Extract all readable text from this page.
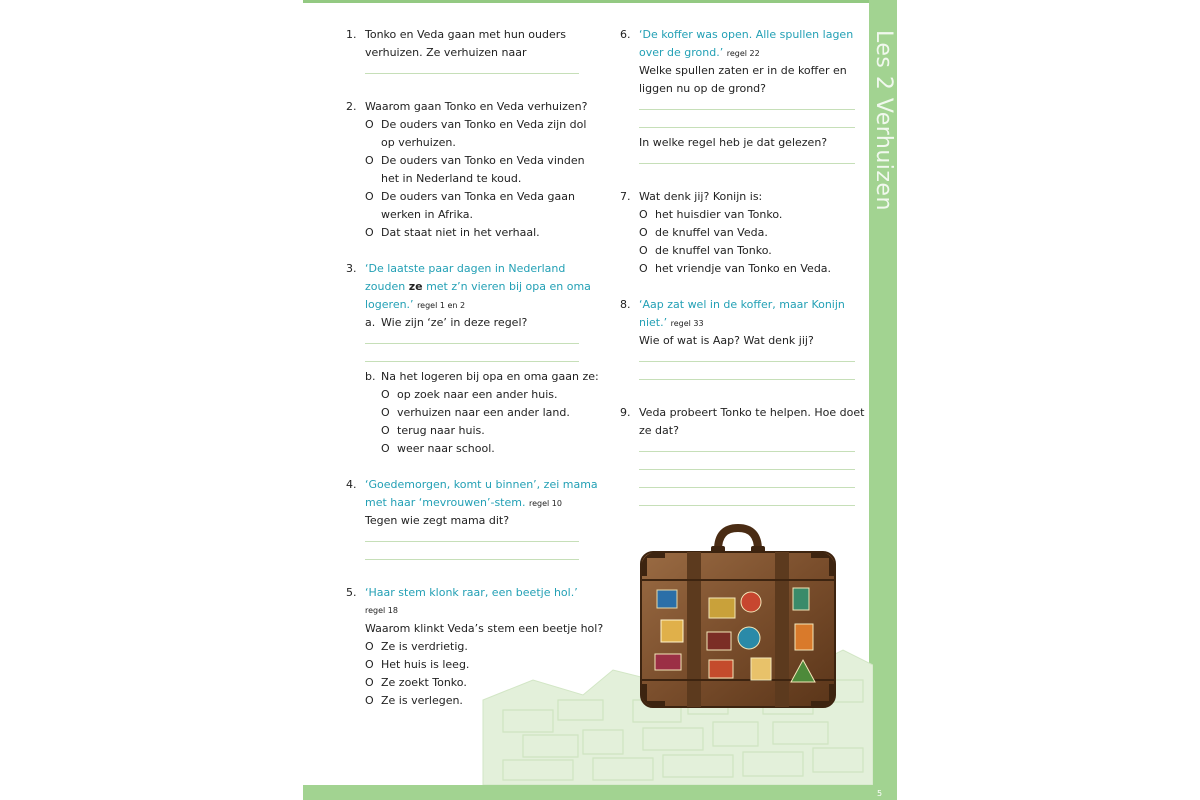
Les 2 Verhuizen
5
1. Tonko en Veda gaan met hun ouders
verhuizen. Ze verhuizen naar
2. Waarom gaan Tonko en Veda verhuizen?
O De ouders van Tonko en Veda zijn dol
op verhuizen.
O De ouders van Tonko en Veda vinden
het in Nederland te koud.
O De ouders van Tonka en Veda gaan
werken in Afrika.
O Dat staat niet in het verhaal.
3. ‘De laatste paar dagen in Nederland
zouden ze met z’n vieren bij opa en oma
logeren.’ regel 1 en 2
a. Wie zijn ‘ze’ in deze regel?
b. Na het logeren bij opa en oma gaan ze:
O op zoek naar een ander huis.
O verhuizen naar een ander land.
O terug naar huis.
O weer naar school.
4. ‘Goedemorgen, komt u binnen’, zei mama
met haar ‘mevrouwen’-stem. regel 10
Tegen wie zegt mama dit?
5. ‘Haar stem klonk raar, een beetje hol.’
regel 18
Waarom klinkt Veda’s stem een beetje hol?
O Ze is verdrietig.
O Het huis is leeg.
O Ze zoekt Tonko.
O Ze is verlegen.
6. ‘De koffer was open. Alle spullen lagen
over de grond.’ regel 22
Welke spullen zaten er in de koffer en
liggen nu op de grond?
In welke regel heb je dat gelezen?
7. Wat denk jij? Konijn is:
O het huisdier van Tonko.
O de knuffel van Veda.
O de knuffel van Tonko.
O het vriendje van Tonko en Veda.
8. ‘Aap zat wel in de koffer, maar Konijn
niet.’ regel 33
Wie of wat is Aap? Wat denk jij?
9. Veda probeert Tonko te helpen. Hoe doet
ze dat?
